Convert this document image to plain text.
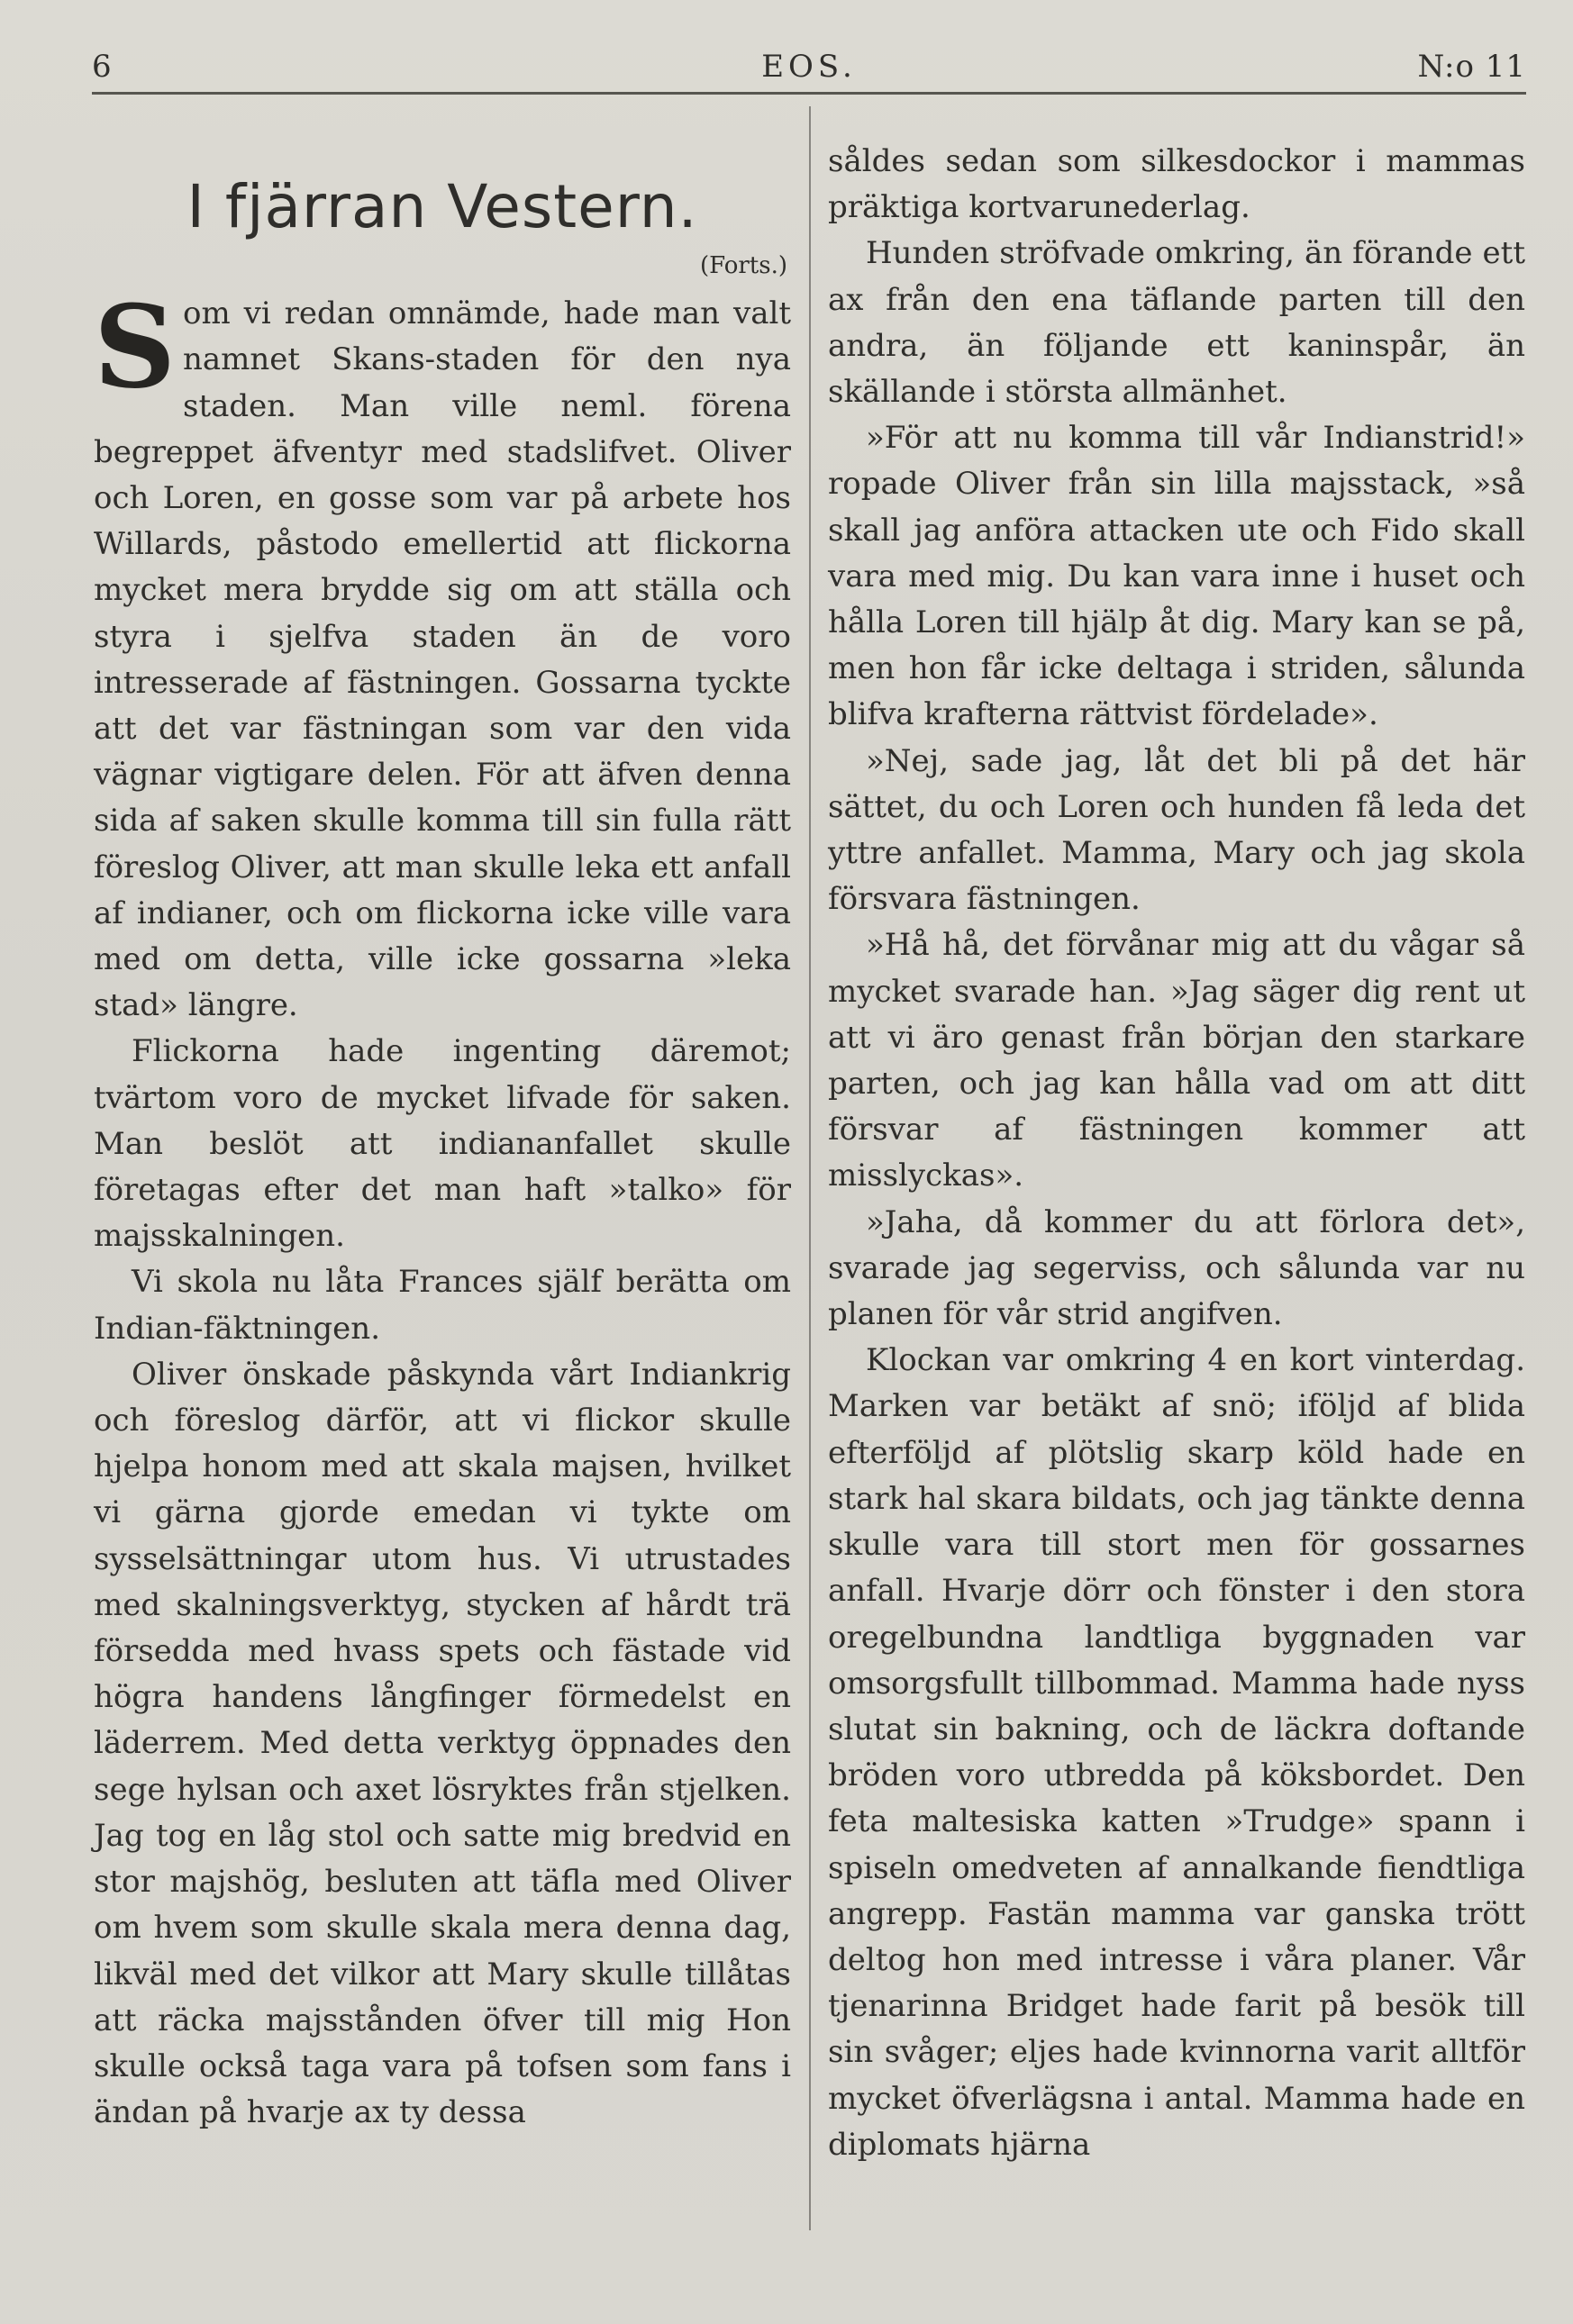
6	EOS.	N:o 11
I fjärran Vestern.
(Forts.)

S om vi redan omnämde, hade man valt namnet Skans-staden för den nya staden. Man ville neml. förena begreppet äfventyr med stadslifvet. Oliver och Loren, en gosse som var på arbete hos Willards, påstodo emellertid att flickorna mycket mera brydde sig om att ställa och styra i sjelfva staden än de voro intresserade af fästningen. Gossarna tyckte att det var fästningan som var den vida vägnar vigtigare delen. För att äfven denna sida af saken skulle komma till sin fulla rätt föreslog Oliver, att man skulle leka ett anfall af indianer, och om flickorna icke ville vara med om detta, ville icke gossarna »leka stad» längre.

Flickorna hade ingenting däremot; tvärtom voro de mycket lifvade för saken. Man beslöt att indiananfallet skulle företagas efter det man haft »talko» för majsskalningen.

Vi skola nu låta Frances själf berätta om Indian-fäktningen.

Oliver önskade påskynda vårt Indiankrig och föreslog därför, att vi flickor skulle hjelpa honom med att skala majsen, hvilket vi gärna gjorde emedan vi tykte om sysselsättningar utom hus. Vi utrustades med skalningsverktyg, stycken af hårdt trä försedda med hvass spets och fästade vid högra handens långfinger förmedelst en läderrem. Med detta verktyg öppnades den sege hylsan och axet lösryktes från stjelken. Jag tog en låg stol och satte mig bredvid en stor majshög, besluten att täfla med Oliver om hvem som skulle skala mera denna dag, likväl med det vilkor att Mary skulle tillåtas att räcka majsstånden öfver till mig Hon skulle också taga vara på tofsen som fans i ändan på hvarje ax ty dessa

såldes sedan som silkesdockor i mammas präktiga kortvarunederlag.

Hunden ströfvade omkring, än förande ett ax från den ena täflande parten till den andra, än följande ett kaninspår, än skällande i största allmänhet.

»För att nu komma till vår Indianstrid!» ropade Oliver från sin lilla majsstack, »så skall jag anföra attacken ute och Fido skall vara med mig. Du kan vara inne i huset och hålla Loren till hjälp åt dig. Mary kan se på, men hon får icke deltaga i striden, sålunda blifva krafterna rättvist fördelade».

»Nej, sade jag, låt det bli på det här sättet, du och Loren och hunden få leda det yttre anfallet. Mamma, Mary och jag skola försvara fästningen.

»Hå hå, det förvånar mig att du vågar så mycket svarade han. »Jag säger dig rent ut att vi äro genast från början den starkare parten, och jag kan hålla vad om att ditt försvar af fästningen kommer att misslyckas».

»Jaha, då kommer du att förlora det», svarade jag segerviss, och sålunda var nu planen för vår strid angifven.

Klockan var omkring 4 en kort vinterdag. Marken var betäkt af snö; iföljd af blida efterföljd af plötslig skarp köld hade en stark hal skara bildats, och jag tänkte denna skulle vara till stort men för gossarnes anfall. Hvarje dörr och fönster i den stora oregelbundna landtliga byggnaden var omsorgsfullt tillbommad. Mamma hade nyss slutat sin bakning, och de läckra doftande bröden voro utbredda på köksbordet. Den feta maltesiska katten »Trudge» spann i spiseln omedveten af annalkande fiendtliga angrepp. Fastän mamma var ganska trött deltog hon med intresse i våra planer. Vår tjenarinna Bridget hade farit på besök till sin svåger; eljes hade kvinnorna varit alltför mycket öfverlägsna i antal. Mamma hade en diplomats hjärna
